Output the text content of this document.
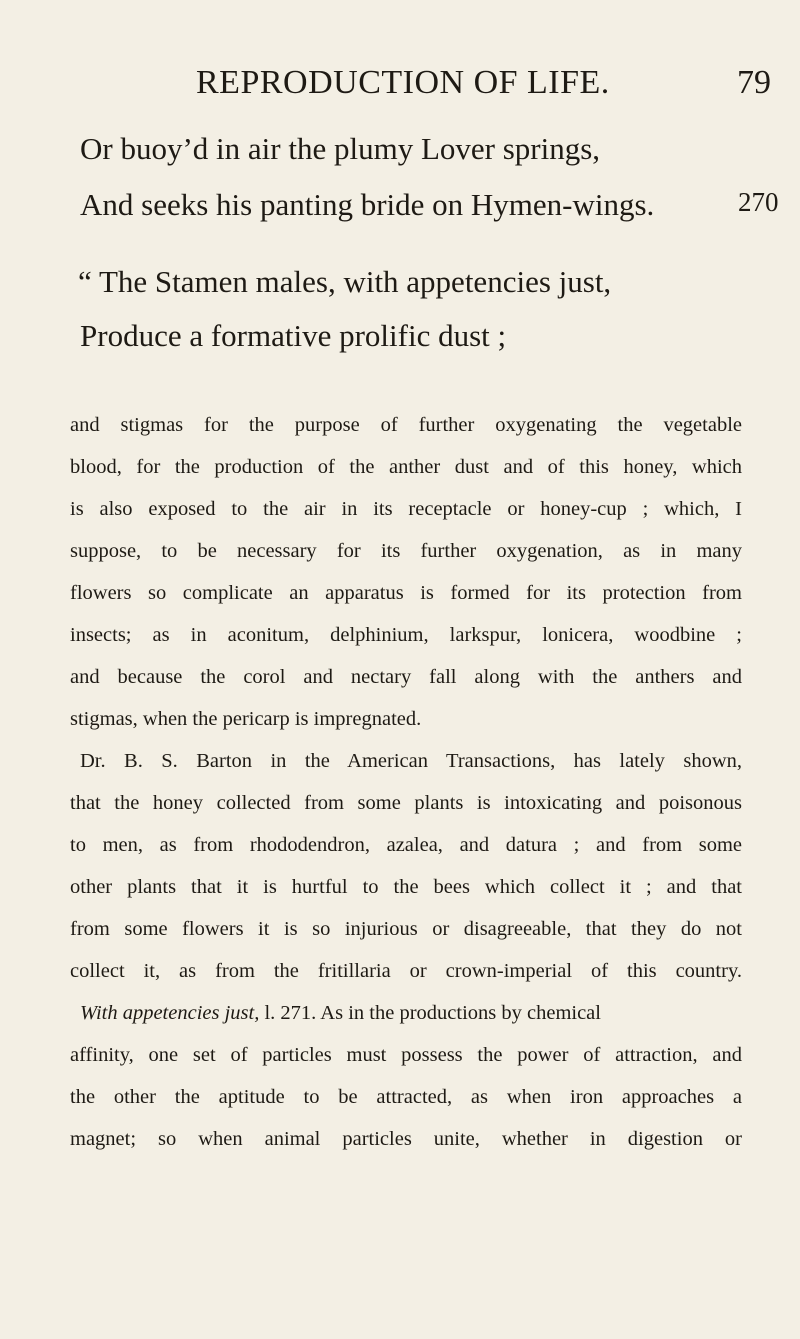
REPRODUCTION OF LIFE.	79
Or buoy’d in air the plumy Lover springs,
And seeks his panting bride on Hymen-wings.	270
“ The Stamen males, with appetencies just,
Produce a formative prolific dust ;
and stigmas for the purpose of further oxygenating the vegetable
blood, for the production of the anther dust and of this honey, which
is also exposed to the air in its receptacle or honey-cup ; which, I
suppose, to be necessary for its further oxygenation, as in many
flowers so complicate an apparatus is formed for its protection from
insects; as in aconitum, delphinium, larkspur, lonicera, woodbine ;
and because the corol and nectary fall along with the anthers and
stigmas, when the pericarp is impregnated.
Dr. B. S. Barton in the American Transactions, has lately shown,
that the honey collected from some plants is intoxicating and poisonous
to men, as from rhododendron, azalea, and datura ; and from some
other plants that it is hurtful to the bees which collect it ; and that
from some flowers it is so injurious or disagreeable, that they do not
collect it, as from the fritillaria or crown-imperial of this country.
With appetencies just, l. 271. As in the productions by chemical
affinity, one set of particles must possess the power of attraction, and
the other the aptitude to be attracted, as when iron approaches a
magnet; so when animal particles unite, whether in digestion or
